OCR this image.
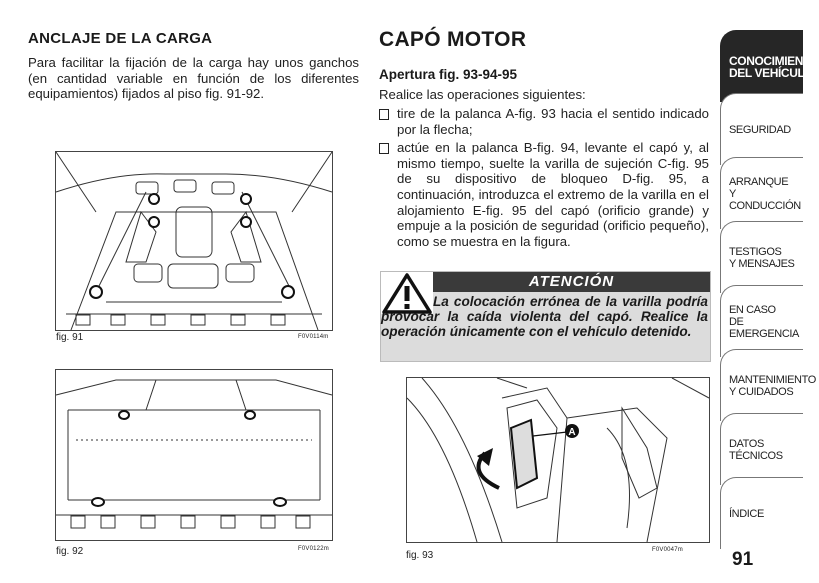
ANCLAJE DE LA CARGA
Para facilitar la fijación de la carga hay unos ganchos (en cantidad variable en función de los diferentes equipamientos) fijados al piso fig. 91-92.
fig. 91	F0V0114m
fig. 92	F0V0122m
CAPÓ MOTOR
Apertura fig. 93-94-95
Realice las operaciones siguientes:
tire de la palanca A-fig. 93 hacia el sentido indicado por la flecha;
actúe en la palanca B-fig. 94, levante el capó y, al mismo tiempo, suelte la varilla de sujeción C-fig. 95 de su dispositivo de bloqueo D-fig. 95, a continuación, introduzca el extremo de la varilla en el alojamiento E-fig. 95 del capó (orificio grande) y empuje a la posición de seguridad (orificio pequeño), como se muestra en la figura.
ATENCIÓN
La colocación errónea de la varilla podría provocar la caída violenta del capó. Realice la operación únicamente con el vehículo detenido.
A
fig. 93	F0V0047m
CONOCIMIENTO
DEL VEHÍCULO
SEGURIDAD
ARRANQUE
Y CONDUCCIÓN
TESTIGOS
Y MENSAJES
EN CASO
DE EMERGENCIA
MANTENIMIENTO
Y CUIDADOS
DATOS TÉCNICOS
ÍNDICE
91
